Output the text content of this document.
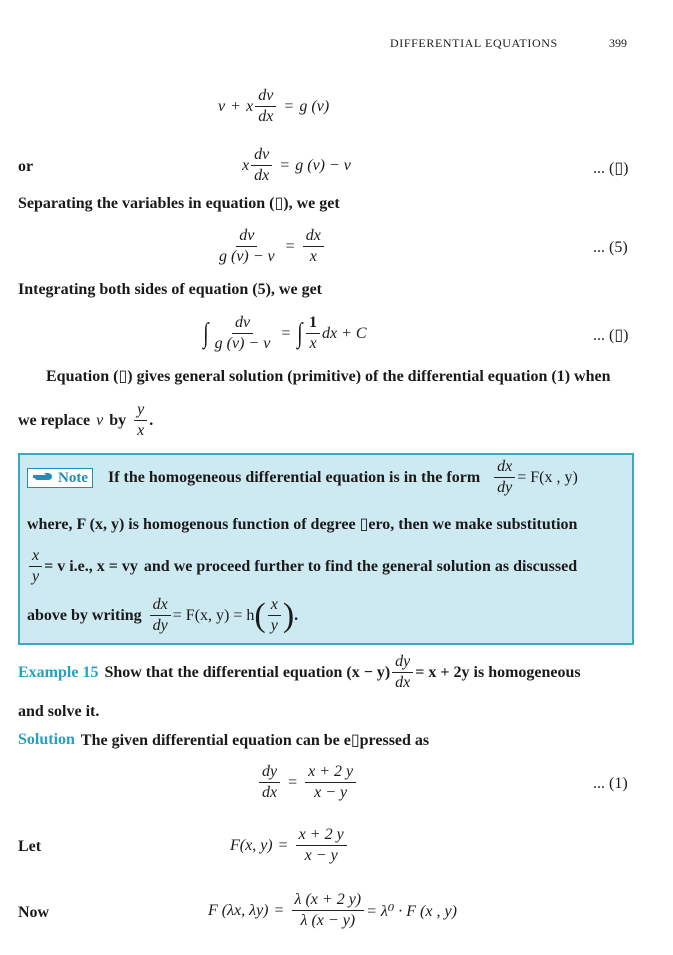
DIFFERENTIAL EQUATIONS	399
v + x $\frac{dv}{dx} = g$ (v)
or	x $\frac{dv}{dx} = g$ (v) − v	... (▯)
Separating the variables in equation (▯), we get
$\frac{dv}{g (v) - v} = \frac{dx}{x}$	... (5)
Integrating both sides of equation (5), we get
∫ $\frac{dv}{g (v) - v}$ = ∫ $\frac{1}{x}$ dx + C	... (▯)
Equation (▯) gives general solution (primitive) of the differential equation (1) when
we replace v by $\frac{y}{x}$ .
Note If the homogeneous differential equation is in the form $\frac{dx}{dy} = F(x$ , y)
where, F (x, y) is homogenous function of degree ▯ero, then we make substitution
$\frac{x}{y} = v$ i.e., x = vy and we proceed further to find the general solution as discussed
above by writing $\frac{dx}{dy} = F(x$, y) = h ( $\frac{x}{y}$ ) .
Example 15 Show that the differential equation $(x - y) \frac{dy}{dx} = x + 2y$ is homogeneous
and solve it.
Solution The given differential equation can be e▯pressed as
$\frac{dy}{dx} = \frac{x + 2 y}{x - y}$	... (1)
Let	F(x, $y) = \frac{x + 2 y}{x - y}$
Now	F (λx, $\lambda y) = \frac{\lambda (x + 2 y)}{\lambda (x - y)} = \lambda^0 \cdot F$ (x , y)
